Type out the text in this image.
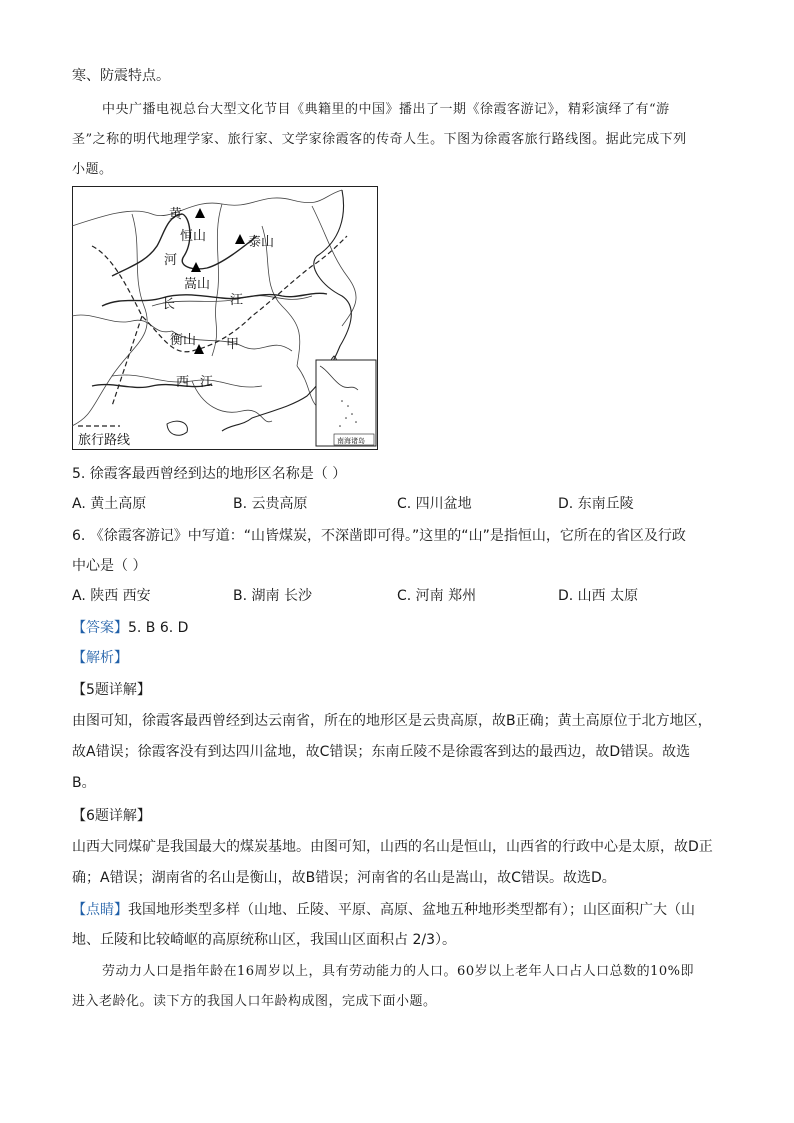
寒、防震特点。
中央广播电视总台大型文化节目《典籍里的中国》播出了一期《徐霞客游记》，精彩演绎了有“游
圣”之称的明代地理学家、旅行家、文学家徐霞客的传奇人生。下图为徐霞客旅行路线图。据此完成下列
小题。
黄
恒山
河
泰山
嵩山
长	江
衡山 甲
西 江
旅行路线	南海诸岛
5. 徐霞客最西曾经到达的地形区名称是（ ）
A. 黄土高原	B. 云贵高原	C. 四川盆地	D. 东南丘陵
6. 《徐霞客游记》中写道：“山皆煤炭，不深凿即可得。”这里的“山”是指恒山，它所在的省区及行政
中心是（ ）
A. 陕西 西安	B. 湖南 长沙	C. 河南 郑州	D. 山西 太原
【答案】5. B 6. D
【解析】
【5题详解】
由图可知，徐霞客最西曾经到达云南省，所在的地形区是云贵高原，故B正确；黄土高原位于北方地区，
故A错误；徐霞客没有到达四川盆地，故C错误；东南丘陵不是徐霞客到达的最西边，故D错误。故选
B。
【6题详解】
山西大同煤矿是我国最大的煤炭基地。由图可知，山西的名山是恒山，山西省的行政中心是太原，故D正
确；A错误；湖南省的名山是衡山，故B错误；河南省的名山是嵩山，故C错误。故选D。
【点睛】我国地形类型多样（山地、丘陵、平原、高原、盆地五种地形类型都有）；山区面积广大（山
地、丘陵和比较崎岖的高原统称山区，我国山区面积占 2/3）。
劳动力人口是指年龄在16周岁以上，具有劳动能力的人口。60岁以上老年人口占人口总数的10%即
进入老龄化。读下方的我国人口年龄构成图，完成下面小题。
